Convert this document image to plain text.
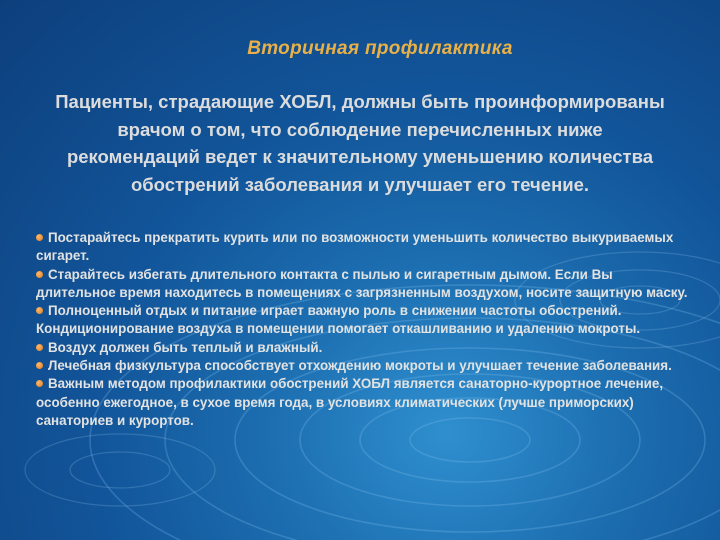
Вторичная профилактика
Пациенты, страдающие ХОБЛ, должны быть проинформированы врачом о том, что соблюдение перечисленных ниже рекомендаций ведет к значительному уменьшению количества обострений заболевания и улучшает его течение.

Постарайтесь прекратить курить или по возможности уменьшить количество выкуриваемых сигарет.

Старайтесь избегать длительного контакта с пылью и сигаретным дымом. Если Вы длительное время находитесь в помещениях с загрязненным воздухом, носите защитную маску.

Полноценный отдых и питание играет важную роль в снижении частоты обострений.

Кондиционирование воздуха в помещении помогает откашливанию и удалению мокроты.

Воздух должен быть теплый и влажный.

Лечебная физкультура способствует отхождению мокроты и улучшает течение заболевания.

Важным методом профилактики обострений ХОБЛ является санаторно-курортное лечение, особенно ежегодное, в сухое время года, в условиях климатических (лучше приморских) санаториев и курортов.
